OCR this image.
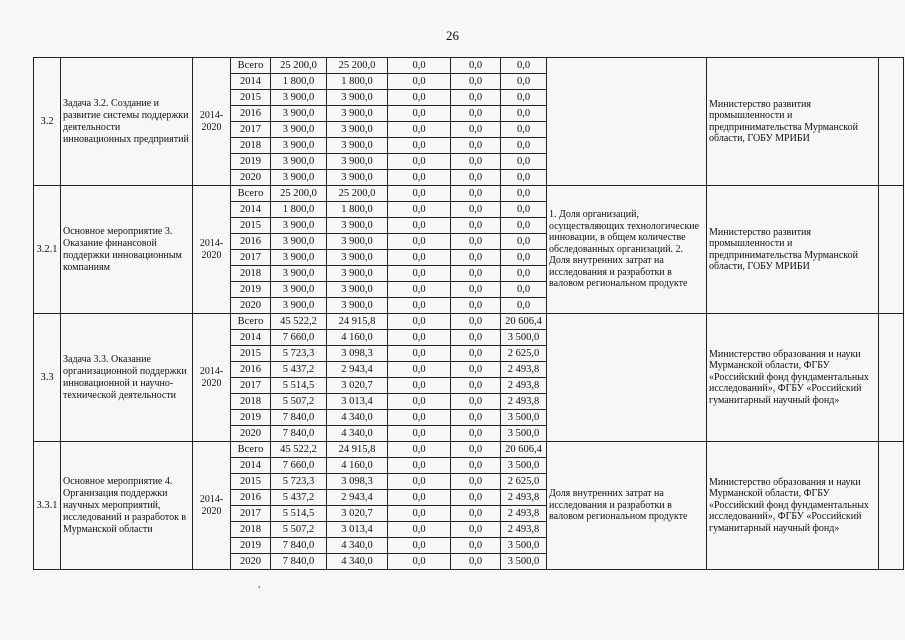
26
3.2	Задача 3.2. Создание и развитие системы поддержки деятельности инновационных предприятий	2014-2020	Всего	25 200,0	25 200,0	0,0	0,0	0,0		Министерство развития промышленности и предпринимательства Мурманской области, ГОБУ МРИБИ	
			2014	1 800,0	1 800,0	0,0	0,0	0,0			
			2015	3 900,0	3 900,0	0,0	0,0	0,0			
			2016	3 900,0	3 900,0	0,0	0,0	0,0			
			2017	3 900,0	3 900,0	0,0	0,0	0,0			
			2018	3 900,0	3 900,0	0,0	0,0	0,0			
			2019	3 900,0	3 900,0	0,0	0,0	0,0			
			2020	3 900,0	3 900,0	0,0	0,0	0,0			
3.2.1	Основное мероприятие 3. Оказание финансовой поддержки инновационным компаниям	2014-2020	Всего	25 200,0	25 200,0	0,0	0,0	0,0	1. Доля организаций, осуществляющих технологические инновации, в общем количестве обследованных организаций. 2. Доля внутренних затрат на исследования и разработки в валовом региональном продукте	Министерство развития промышленности и предпринимательства Мурманской области, ГОБУ МРИБИ	
			2014	1 800,0	1 800,0	0,0	0,0	0,0			
			2015	3 900,0	3 900,0	0,0	0,0	0,0			
			2016	3 900,0	3 900,0	0,0	0,0	0,0			
			2017	3 900,0	3 900,0	0,0	0,0	0,0			
			2018	3 900,0	3 900,0	0,0	0,0	0,0			
			2019	3 900,0	3 900,0	0,0	0,0	0,0			
			2020	3 900,0	3 900,0	0,0	0,0	0,0			
3.3	Задача 3.3. Оказание организационной поддержки инновационной и научно-технической деятельности	2014-2020	Всего	45 522,2	24 915,8	0,0	0,0	20 606,4		Министерство образования и науки Мурманской области, ФГБУ «Российский фонд фундаментальных исследований», ФГБУ «Российский гуманитарный научный фонд»	
			2014	7 660,0	4 160,0	0,0	0,0	3 500,0			
			2015	5 723,3	3 098,3	0,0	0,0	2 625,0			
			2016	5 437,2	2 943,4	0,0	0,0	2 493,8			
			2017	5 514,5	3 020,7	0,0	0,0	2 493,8			
			2018	5 507,2	3 013,4	0,0	0,0	2 493,8			
			2019	7 840,0	4 340,0	0,0	0,0	3 500,0			
			2020	7 840,0	4 340,0	0,0	0,0	3 500,0			
3.3.1	Основное мероприятие 4. Организация поддержки научных мероприятий, исследований и разработок в Мурманской области	2014-2020	Всего	45 522,2	24 915,8	0,0	0,0	20 606,4	Доля внутренних затрат на исследования и разработки в валовом региональном продукте	Министерство образования и науки Мурманской области, ФГБУ «Российский фонд фундаментальных исследований», ФГБУ «Российский гуманитарный научный фонд»	
			2014	7 660,0	4 160,0	0,0	0,0	3 500,0			
			2015	5 723,3	3 098,3	0,0	0,0	2 625,0			
			2016	5 437,2	2 943,4	0,0	0,0	2 493,8			
			2017	5 514,5	3 020,7	0,0	0,0	2 493,8			
			2018	5 507,2	3 013,4	0,0	0,0	2 493,8			
			2019	7 840,0	4 340,0	0,0	0,0	3 500,0			
			2020	7 840,0	4 340,0	0,0	0,0	3 500,0			
,
